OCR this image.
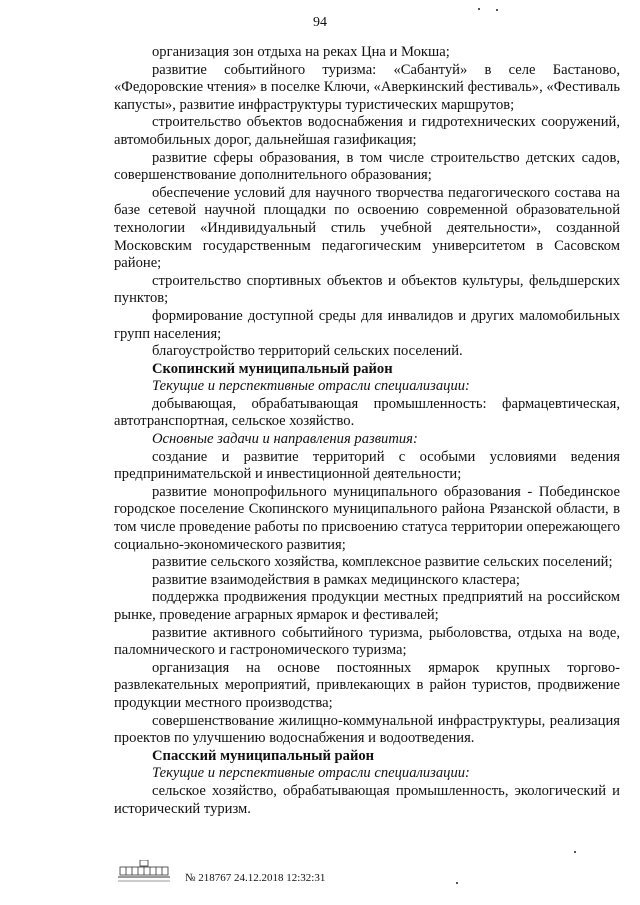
94

организация зон отдыха на реках Цна и Мокша;

развитие событийного туризма: «Сабантуй» в селе Бастаново, «Федоровские чтения» в поселке Ключи, «Аверкинский фестиваль», «Фестиваль капусты», развитие инфраструктуры туристических маршрутов;

строительство объектов водоснабжения и гидротехнических сооружений, автомобильных дорог, дальнейшая газификация;

развитие сферы образования, в том числе строительство детских садов, совершенствование дополнительного образования;

обеспечение условий для научного творчества педагогического состава на базе сетевой научной площадки по освоению современной образовательной технологии «Индивидуальный стиль учебной деятельности», созданной Московским государственным педагогическим университетом в Сасовском районе;

строительство спортивных объектов и объектов культуры, фельдшерских пунктов;

формирование доступной среды для инвалидов и других маломобильных групп населения;

благоустройство территорий сельских поселений.

Скопинский муниципальный район

Текущие и перспективные отрасли специализации:

добывающая, обрабатывающая промышленность: фармацевтическая, автотранспортная, сельское хозяйство.

Основные задачи и направления развития:

создание и развитие территорий с особыми условиями ведения предпринимательской и инвестиционной деятельности;

развитие монопрофильного муниципального образования - Побединское городское поселение Скопинского муниципального района Рязанской области, в том числе проведение работы по присвоению статуса территории опережающего социально-экономического развития;

развитие сельского хозяйства, комплексное развитие сельских поселений;

развитие взаимодействия в рамках медицинского кластера;

поддержка продвижения продукции местных предприятий на российском рынке, проведение аграрных ярмарок и фестивалей;

развитие активного событийного туризма, рыболовства, отдыха на воде, паломнического и гастрономического туризма;

организация на основе постоянных ярмарок крупных торгово-развлекательных мероприятий, привлекающих в район туристов, продвижение продукции местного производства;

совершенствование жилищно-коммунальной инфраструктуры, реализация проектов по улучшению водоснабжения и водоотведения.

Спасский муниципальный район

Текущие и перспективные отрасли специализации:

сельское хозяйство, обрабатывающая промышленность, экологический и исторический туризм.

№ 218767 24.12.2018 12:32:31
